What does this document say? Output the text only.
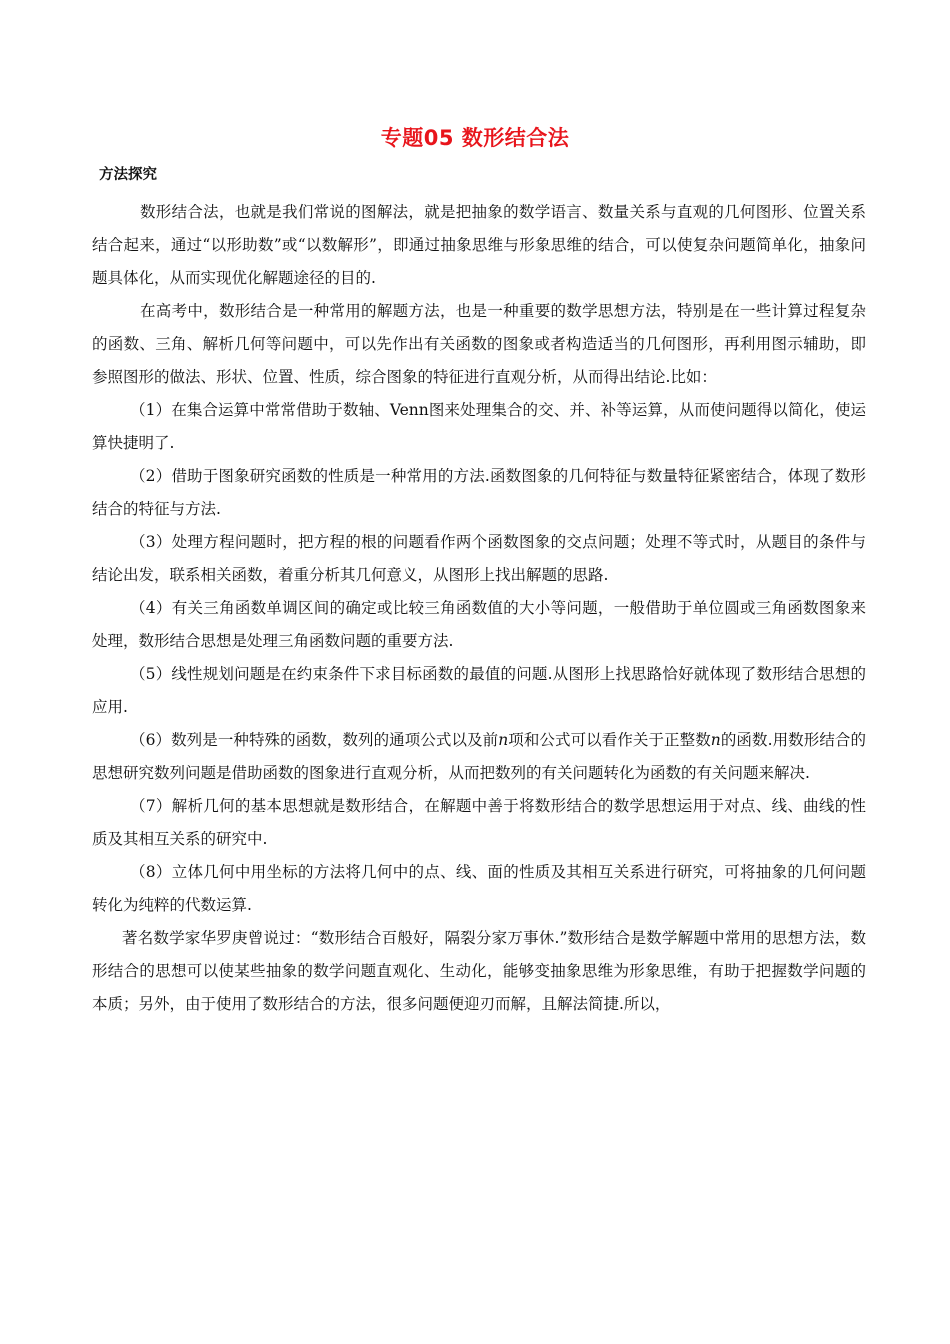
专题05 数形结合法
方法探究

数形结合法，也就是我们常说的图解法，就是把抽象的数学语言、数量关系与直观的几何图形、位置关系结合起来，通过“以形助数”或“以数解形”，即通过抽象思维与形象思维的结合，可以使复杂问题简单化，抽象问题具体化，从而实现优化解题途径的目的.

在高考中，数形结合是一种常用的解题方法，也是一种重要的数学思想方法，特别是在一些计算过程复杂的函数、三角、解析几何等问题中，可以先作出有关函数的图象或者构造适当的几何图形，再利用图示辅助，即参照图形的做法、形状、位置、性质，综合图象的特征进行直观分析，从而得出结论.比如：

（1）在集合运算中常常借助于数轴、Venn图来处理集合的交、并、补等运算，从而使问题得以简化，使运算快捷明了.

（2）借助于图象研究函数的性质是一种常用的方法.函数图象的几何特征与数量特征紧密结合，体现了数形结合的特征与方法.

（3）处理方程问题时，把方程的根的问题看作两个函数图象的交点问题；处理不等式时，从题目的条件与结论出发，联系相关函数，着重分析其几何意义，从图形上找出解题的思路.

（4）有关三角函数单调区间的确定或比较三角函数值的大小等问题，一般借助于单位圆或三角函数图象来处理，数形结合思想是处理三角函数问题的重要方法.

（5）线性规划问题是在约束条件下求目标函数的最值的问题.从图形上找思路恰好就体现了数形结合思想的应用.

（6）数列是一种特殊的函数，数列的通项公式以及前n项和公式可以看作关于正整数n的函数.用数形结合的思想研究数列问题是借助函数的图象进行直观分析，从而把数列的有关问题转化为函数的有关问题来解决.

（7）解析几何的基本思想就是数形结合，在解题中善于将数形结合的数学思想运用于对点、线、曲线的性质及其相互关系的研究中.

（8）立体几何中用坐标的方法将几何中的点、线、面的性质及其相互关系进行研究，可将抽象的几何问题转化为纯粹的代数运算.

著名数学家华罗庚曾说过：“数形结合百般好，隔裂分家万事休.”数形结合是数学解题中常用的思想方法，数形结合的思想可以使某些抽象的数学问题直观化、生动化，能够变抽象思维为形象思维，有助于把握数学问题的本质；另外，由于使用了数形结合的方法，很多问题便迎刃而解，且解法简捷.所以，
